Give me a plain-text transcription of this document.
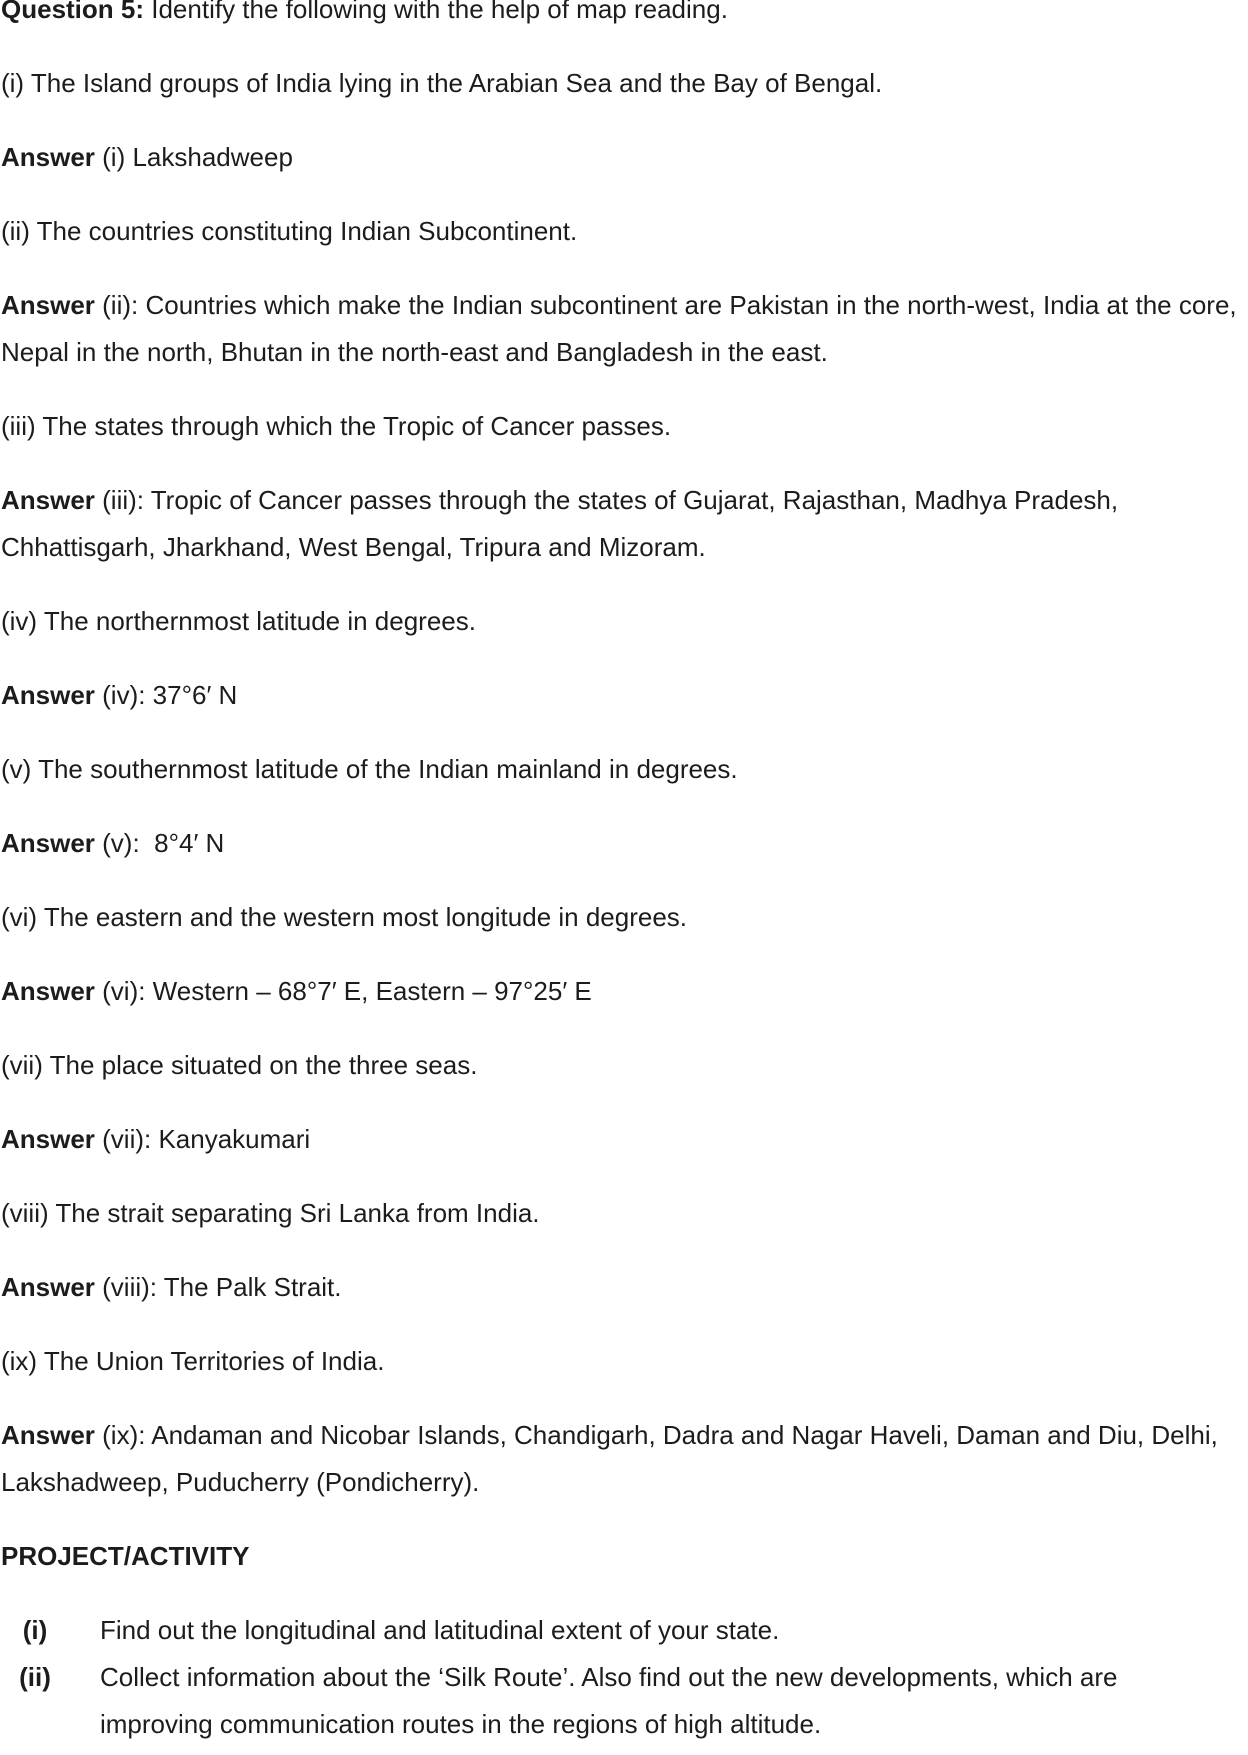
Question 5: Identify the following with the help of map reading.

(i) The Island groups of India lying in the Arabian Sea and the Bay of Bengal.

Answer (i) Lakshadweep

(ii) The countries constituting Indian Subcontinent.

Answer (ii): Countries which make the Indian subcontinent are Pakistan in the north-west, India at the core, Nepal in the north, Bhutan in the north-east and Bangladesh in the east.

(iii) The states through which the Tropic of Cancer passes.

Answer (iii): Tropic of Cancer passes through the states of Gujarat, Rajasthan, Madhya Pradesh, Chhattisgarh, Jharkhand, West Bengal, Tripura and Mizoram.

(iv) The northernmost latitude in degrees.

Answer (iv): 37°6′ N

(v) The southernmost latitude of the Indian mainland in degrees.

Answer (v):  8°4′ N

(vi) The eastern and the western most longitude in degrees.

Answer (vi): Western – 68°7′ E, Eastern – 97°25′ E

(vii) The place situated on the three seas.

Answer (vii): Kanyakumari

(viii) The strait separating Sri Lanka from India.

Answer (viii): The Palk Strait.

(ix) The Union Territories of India.

Answer (ix): Andaman and Nicobar Islands, Chandigarh, Dadra and Nagar Haveli, Daman and Diu, Delhi, Lakshadweep, Puducherry (Pondicherry).

PROJECT/ACTIVITY

(i)	Find out the longitudinal and latitudinal extent of your state.
(ii)	Collect information about the ‘Silk Route’. Also find out the new developments, which are improving communication routes in the regions of high altitude.
